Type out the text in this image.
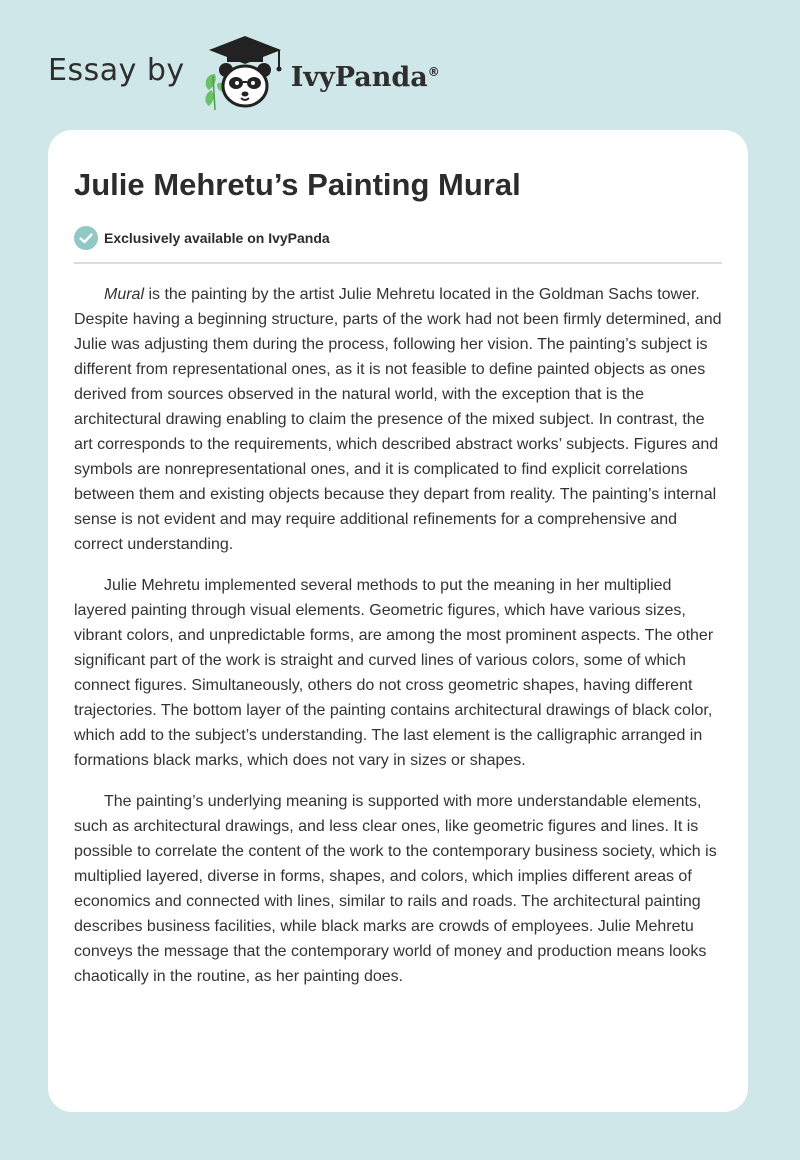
Essay by	IvyPanda®
Julie Mehretu’s Painting Mural
Exclusively available on IvyPanda

Mural is the painting by the artist Julie Mehretu located in the Goldman Sachs tower. Despite having a beginning structure, parts of the work had not been firmly determined, and Julie was adjusting them during the process, following her vision. The painting’s subject is different from representational ones, as it is not feasible to define painted objects as ones derived from sources observed in the natural world, with the exception that is the architectural drawing enabling to claim the presence of the mixed subject. In contrast, the art corresponds to the requirements, which described abstract works’ subjects. Figures and symbols are nonrepresentational ones, and it is complicated to find explicit correlations between them and existing objects because they depart from reality. The painting’s internal sense is not evident and may require additional refinements for a comprehensive and correct understanding.

Julie Mehretu implemented several methods to put the meaning in her multiplied layered painting through visual elements. Geometric figures, which have various sizes, vibrant colors, and unpredictable forms, are among the most prominent aspects. The other significant part of the work is straight and curved lines of various colors, some of which connect figures. Simultaneously, others do not cross geometric shapes, having different trajectories. The bottom layer of the painting contains architectural drawings of black color, which add to the subject’s understanding. The last element is the calligraphic arranged in formations black marks, which does not vary in sizes or shapes.

The painting’s underlying meaning is supported with more understandable elements, such as architectural drawings, and less clear ones, like geometric figures and lines. It is possible to correlate the content of the work to the contemporary business society, which is multiplied layered, diverse in forms, shapes, and colors, which implies different areas of economics and connected with lines, similar to rails and roads. The architectural painting describes business facilities, while black marks are crowds of employees. Julie Mehretu conveys the message that the contemporary world of money and production means looks chaotically in the routine, as her painting does.
